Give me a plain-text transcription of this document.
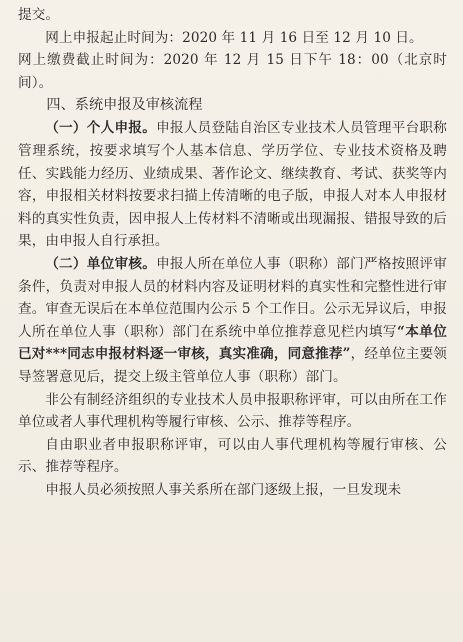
提交。

网上申报起止时间为：2020 年 11 月 16 日至 12 月 10 日。

网上缴费截止时间为：2020 年 12 月 15 日下午 18：00（北京时间）。

四、系统申报及审核流程

（一）个人申报。申报人员登陆自治区专业技术人员管理平台职称管理系统，按要求填写个人基本信息、学历学位、专业技术资格及聘任、实践能力经历、业绩成果、著作论文、继续教育、考试、获奖等内容，申报相关材料按要求扫描上传清晰的电子版，申报人对本人申报材料的真实性负责，因申报人上传材料不清晰或出现漏报、错报导致的后果，由申报人自行承担。

（二）单位审核。申报人所在单位人事（职称）部门严格按照评审条件，负责对申报人员的材料内容及证明材料的真实性和完整性进行审查。审查无误后在本单位范围内公示 5 个工作日。公示无异议后，申报人所在单位人事（职称）部门在系统中单位推荐意见栏内填写“本单位已对***同志申报材料逐一审核，真实准确，同意推荐”，经单位主要领导签署意见后，提交上级主管单位人事（职称）部门。

非公有制经济组织的专业技术人员申报职称评审，可以由所在工作单位或者人事代理机构等履行审核、公示、推荐等程序。

自由职业者申报职称评审，可以由人事代理机构等履行审核、公示、推荐等程序。

申报人员必须按照人事关系所在部门逐级上报，一旦发现未
